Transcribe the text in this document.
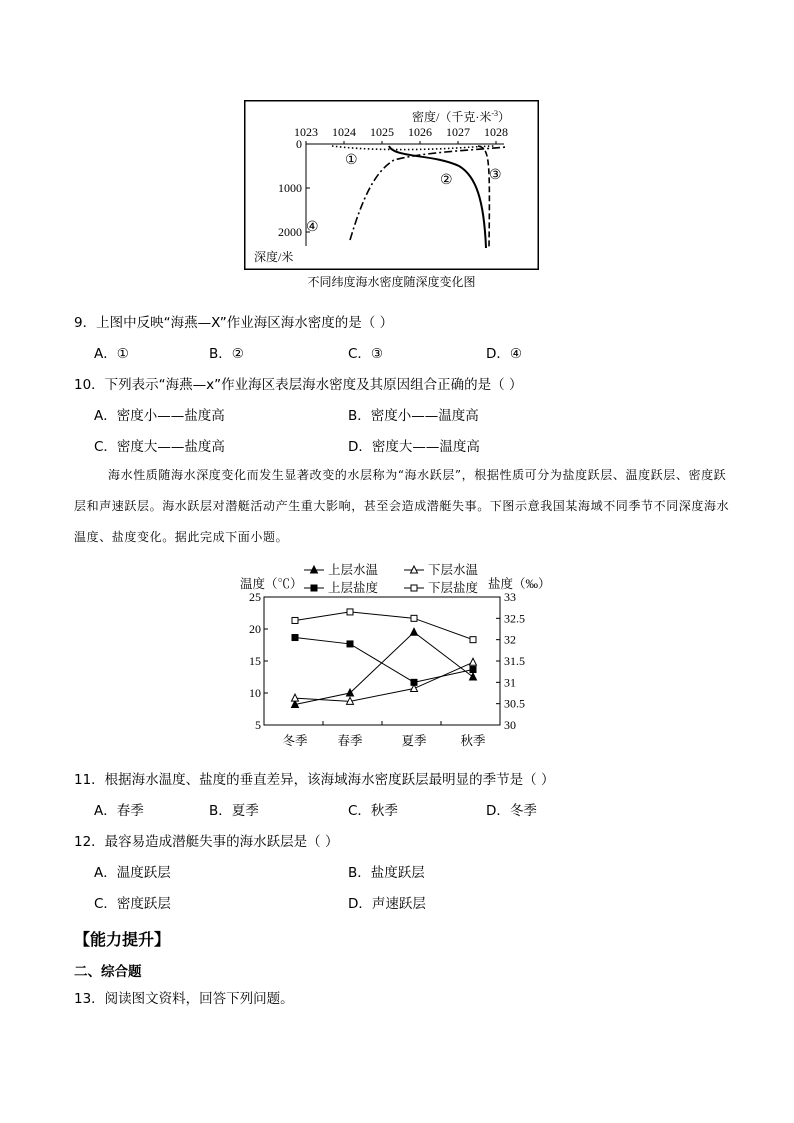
密度/（千克·米$^{-3}$）
1023 1024 1025 1026 1027 1028
0
1000
2000
深度/米
①
②	③
④
不同纬度海水密度随深度变化图
9．上图中反映“海燕—X”作业海区海水密度的是（ ）
A．①	B．②	C．③	D．④
10．下列表示“海燕—x”作业海区表层海水密度及其原因组合正确的是（ ）
A．密度小——盐度高	B．密度小——温度高
C．密度大——盐度高	D．密度大——温度高
海水性质随海水深度变化而发生显著改变的水层称为“海水跃层”，根据性质可分为盐度跃层、温度跃层、密度跃层和声速跃层。海水跃层对潜艇活动产生重大影响，甚至会造成潜艇失事。下图示意我国某海域不同季节不同深度海水温度、盐度变化。据此完成下面小题。
上层水温	下层水温
上层盐度	下层盐度
温度（℃）	盐度（‰）
25
20
15
10
5
33
32.5
32
31.5
31
30.5
30
冬季 春季	夏季	秋季
11．根据海水温度、盐度的垂直差异，该海域海水密度跃层最明显的季节是（ ）
A．春季	B．夏季	C．秋季	D．冬季
12．最容易造成潜艇失事的海水跃层是（ ）
A．温度跃层	B．盐度跃层
C．密度跃层	D．声速跃层
【能力提升】
二、综合题
13．阅读图文资料，回答下列问题。
